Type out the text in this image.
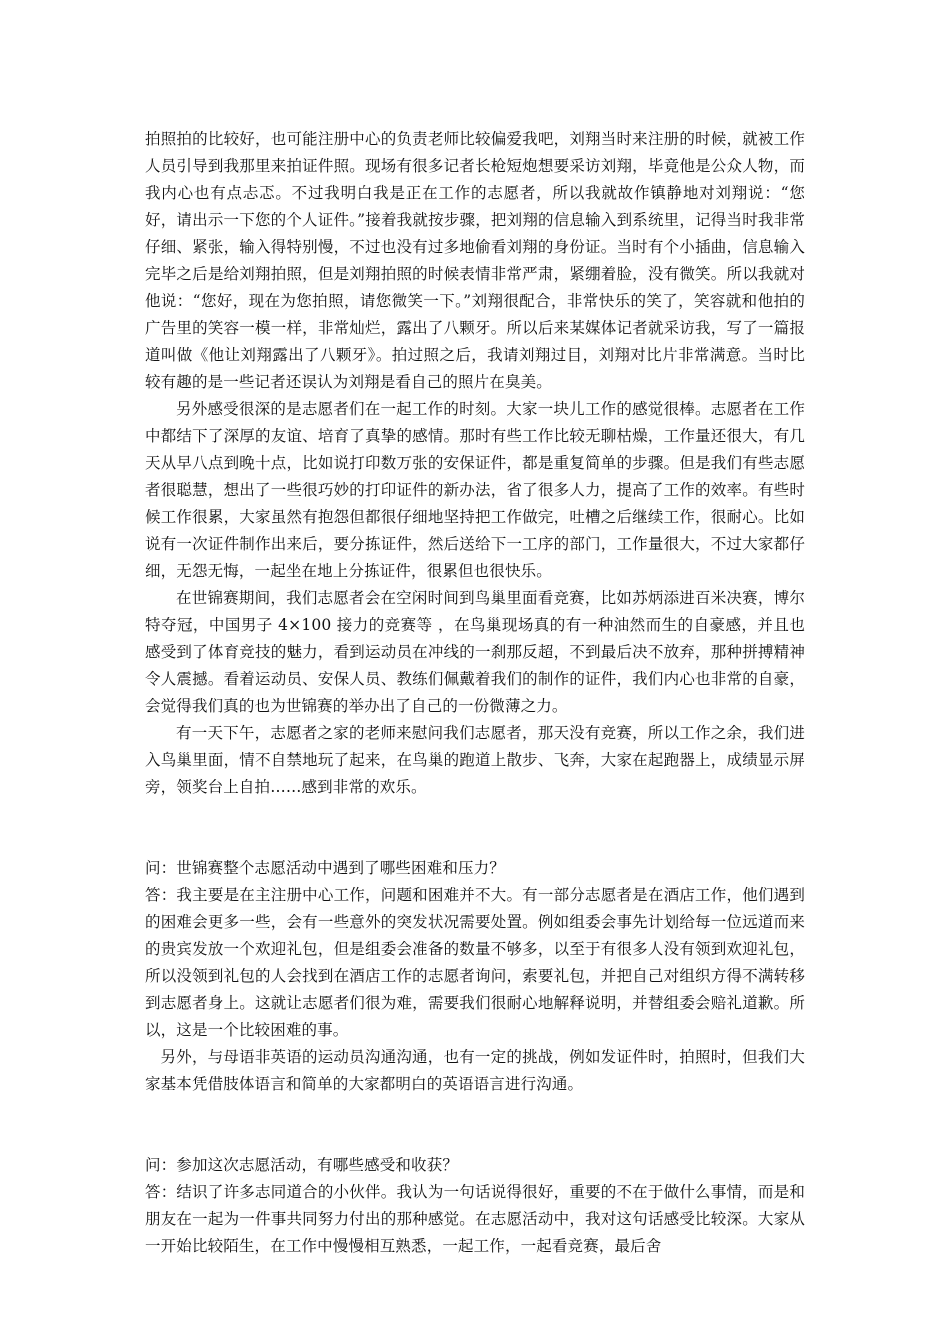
拍照拍的比较好，也可能注册中心的负责老师比较偏爱我吧，刘翔当时来注册的时候，就被工作人员引导到我那里来拍证件照。现场有很多记者长枪短炮想要采访刘翔，毕竟他是公众人物，而我内心也有点忐忑。不过我明白我是正在工作的志愿者，所以我就故作镇静地对刘翔说：“您好，请出示一下您的个人证件。”接着我就按步骤，把刘翔的信息输入到系统里，记得当时我非常仔细、紧张，输入得特别慢，不过也没有过多地偷看刘翔的身份证。当时有个小插曲，信息输入完毕之后是给刘翔拍照，但是刘翔拍照的时候表情非常严肃，紧绷着脸，没有微笑。所以我就对他说：“您好，现在为您拍照，请您微笑一下。”刘翔很配合，非常快乐的笑了，笑容就和他拍的广告里的笑容一模一样，非常灿烂，露出了八颗牙。所以后来某媒体记者就采访我，写了一篇报道叫做《他让刘翔露出了八颗牙》。拍过照之后，我请刘翔过目，刘翔对比片非常满意。当时比较有趣的是一些记者还误认为刘翔是看自己的照片在臭美。

另外感受很深的是志愿者们在一起工作的时刻。大家一块儿工作的感觉很棒。志愿者在工作中都结下了深厚的友谊、培育了真挚的感情。那时有些工作比较无聊枯燥，工作量还很大，有几天从早八点到晚十点，比如说打印数万张的安保证件，都是重复简单的步骤。但是我们有些志愿者很聪慧，想出了一些很巧妙的打印证件的新办法，省了很多人力，提高了工作的效率。有些时候工作很累，大家虽然有抱怨但都很仔细地坚持把工作做完，吐槽之后继续工作，很耐心。比如说有一次证件制作出来后，要分拣证件，然后送给下一工序的部门，工作量很大，不过大家都仔细，无怨无悔，一起坐在地上分拣证件，很累但也很快乐。

在世锦赛期间，我们志愿者会在空闲时间到鸟巢里面看竞赛，比如苏炳添进百米决赛，博尔特夺冠，中国男子 4×100 接力的竞赛等 ，在鸟巢现场真的有一种油然而生的自豪感，并且也感受到了体育竞技的魅力，看到运动员在冲线的一刹那反超，不到最后决不放弃，那种拼搏精神令人震撼。看着运动员、安保人员、教练们佩戴着我们的制作的证件，我们内心也非常的自豪，会觉得我们真的也为世锦赛的举办出了自己的一份微薄之力。

有一天下午，志愿者之家的老师来慰问我们志愿者，那天没有竞赛，所以工作之余，我们进入鸟巢里面，情不自禁地玩了起来，在鸟巢的跑道上散步、飞奔，大家在起跑器上，成绩显示屏旁，领奖台上自拍……感到非常的欢乐。

问：世锦赛整个志愿活动中遇到了哪些困难和压力？

答：我主要是在主注册中心工作，问题和困难并不大。有一部分志愿者是在酒店工作，他们遇到的困难会更多一些，会有一些意外的突发状况需要处置。例如组委会事先计划给每一位远道而来的贵宾发放一个欢迎礼包，但是组委会准备的数量不够多，以至于有很多人没有领到欢迎礼包，所以没领到礼包的人会找到在酒店工作的志愿者询问，索要礼包，并把自己对组织方得不满转移到志愿者身上。这就让志愿者们很为难，需要我们很耐心地解释说明，并替组委会赔礼道歉。所以，这是一个比较困难的事。

另外，与母语非英语的运动员沟通沟通，也有一定的挑战，例如发证件时，拍照时，但我们大家基本凭借肢体语言和简单的大家都明白的英语语言进行沟通。

问：参加这次志愿活动，有哪些感受和收获？

答：结识了许多志同道合的小伙伴。我认为一句话说得很好，重要的不在于做什么事情，而是和朋友在一起为一件事共同努力付出的那种感觉。在志愿活动中，我对这句话感受比较深。大家从一开始比较陌生，在工作中慢慢相互熟悉，一起工作，一起看竞赛，最后舍
